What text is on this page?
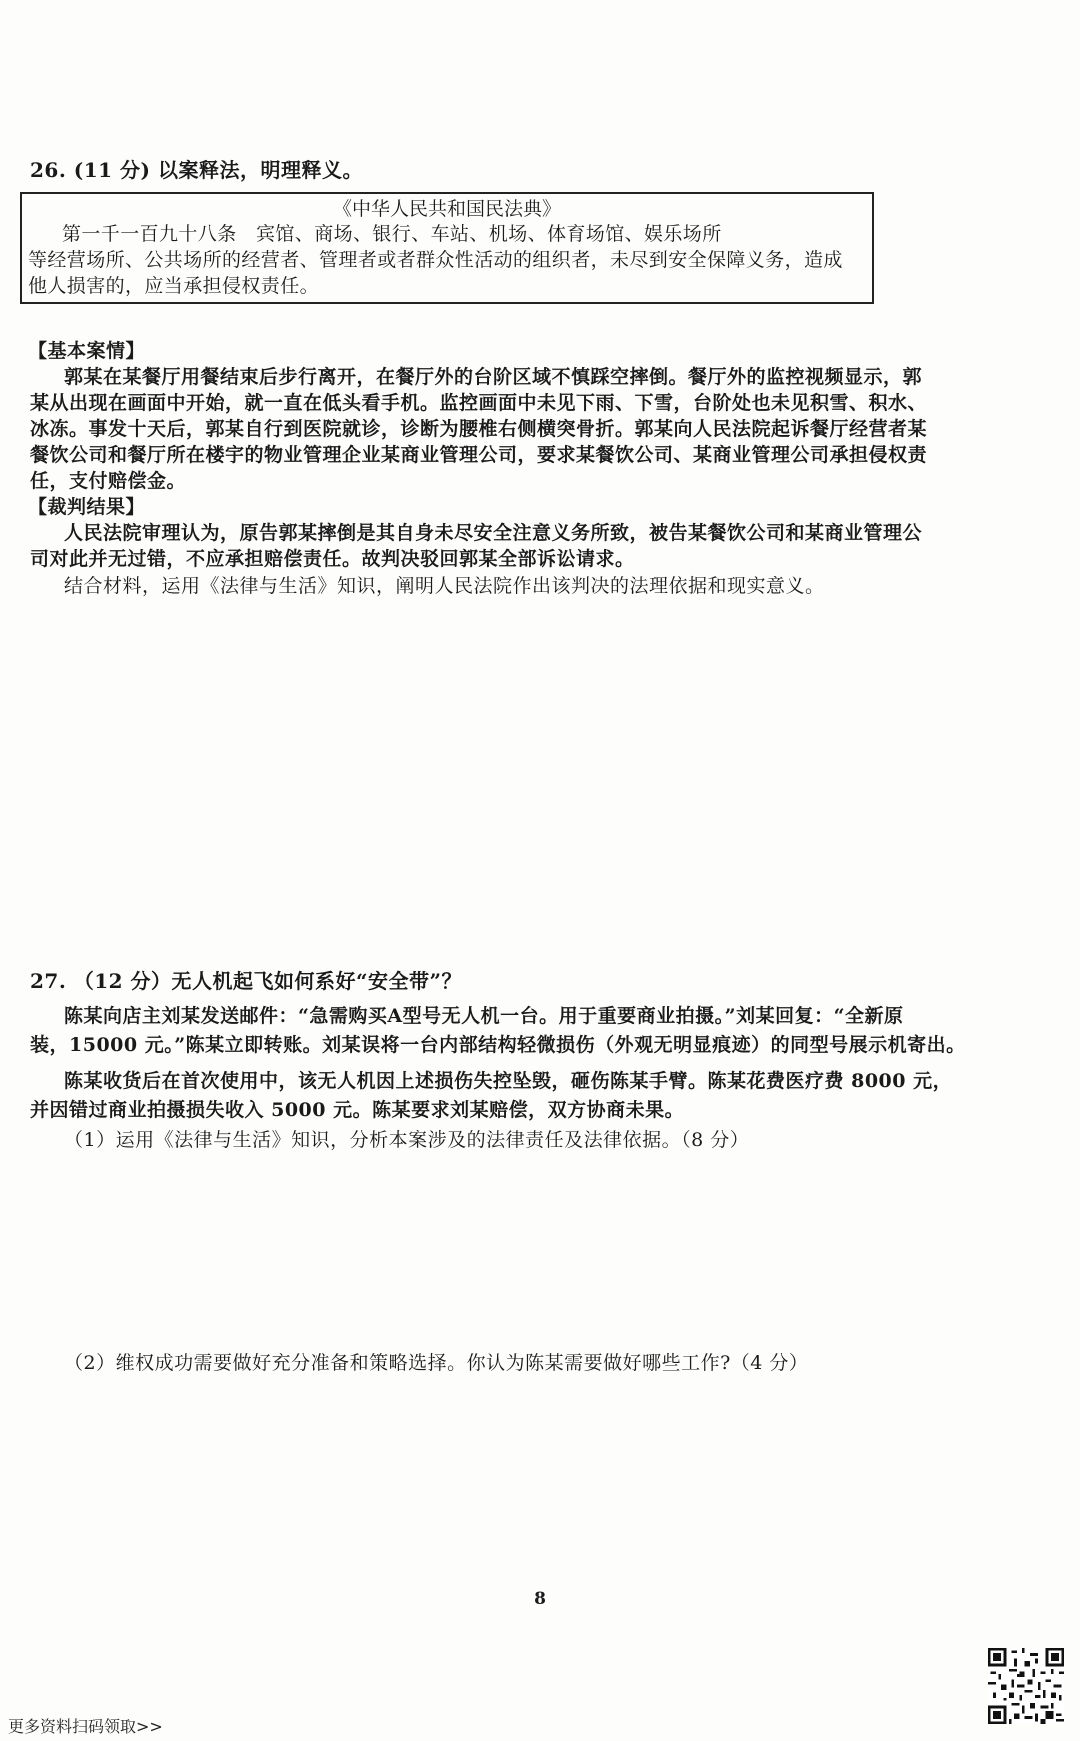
26. (11 分) 以案释法，明理释义。
《中华人民共和国民法典》
第一千一百九十八条　宾馆、商场、银行、车站、机场、体育场馆、娱乐场所
等经营场所、公共场所的经营者、管理者或者群众性活动的组织者，未尽到安全保障义务，造成
他人损害的，应当承担侵权责任。
【基本案情】
郭某在某餐厅用餐结束后步行离开，在餐厅外的台阶区域不慎踩空摔倒。餐厅外的监控视频显示，郭
某从出现在画面中开始，就一直在低头看手机。监控画面中未见下雨、下雪，台阶处也未见积雪、积水、
冰冻。事发十天后，郭某自行到医院就诊，诊断为腰椎右侧横突骨折。郭某向人民法院起诉餐厅经营者某
餐饮公司和餐厅所在楼宇的物业管理企业某商业管理公司，要求某餐饮公司、某商业管理公司承担侵权责
任，支付赔偿金。
【裁判结果】
人民法院审理认为，原告郭某摔倒是其自身未尽安全注意义务所致，被告某餐饮公司和某商业管理公
司对此并无过错，不应承担赔偿责任。故判决驳回郭某全部诉讼请求。
结合材料，运用《法律与生活》知识，阐明人民法院作出该判决的法理依据和现实意义。
27. （12 分）无人机起飞如何系好“安全带”？
陈某向店主刘某发送邮件：“急需购买A型号无人机一台。用于重要商业拍摄。”刘某回复：“全新原
装，15000 元。”陈某立即转账。刘某误将一台内部结构轻微损伤（外观无明显痕迹）的同型号展示机寄出。
陈某收货后在首次使用中，该无人机因上述损伤失控坠毁，砸伤陈某手臂。陈某花费医疗费 8000 元，
并因错过商业拍摄损失收入 5000 元。陈某要求刘某赔偿，双方协商未果。
（1）运用《法律与生活》知识，分析本案涉及的法律责任及法律依据。（8 分）
（2）维权成功需要做好充分准备和策略选择。你认为陈某需要做好哪些工作?（4 分）
8
更多资料扫码领取>>
